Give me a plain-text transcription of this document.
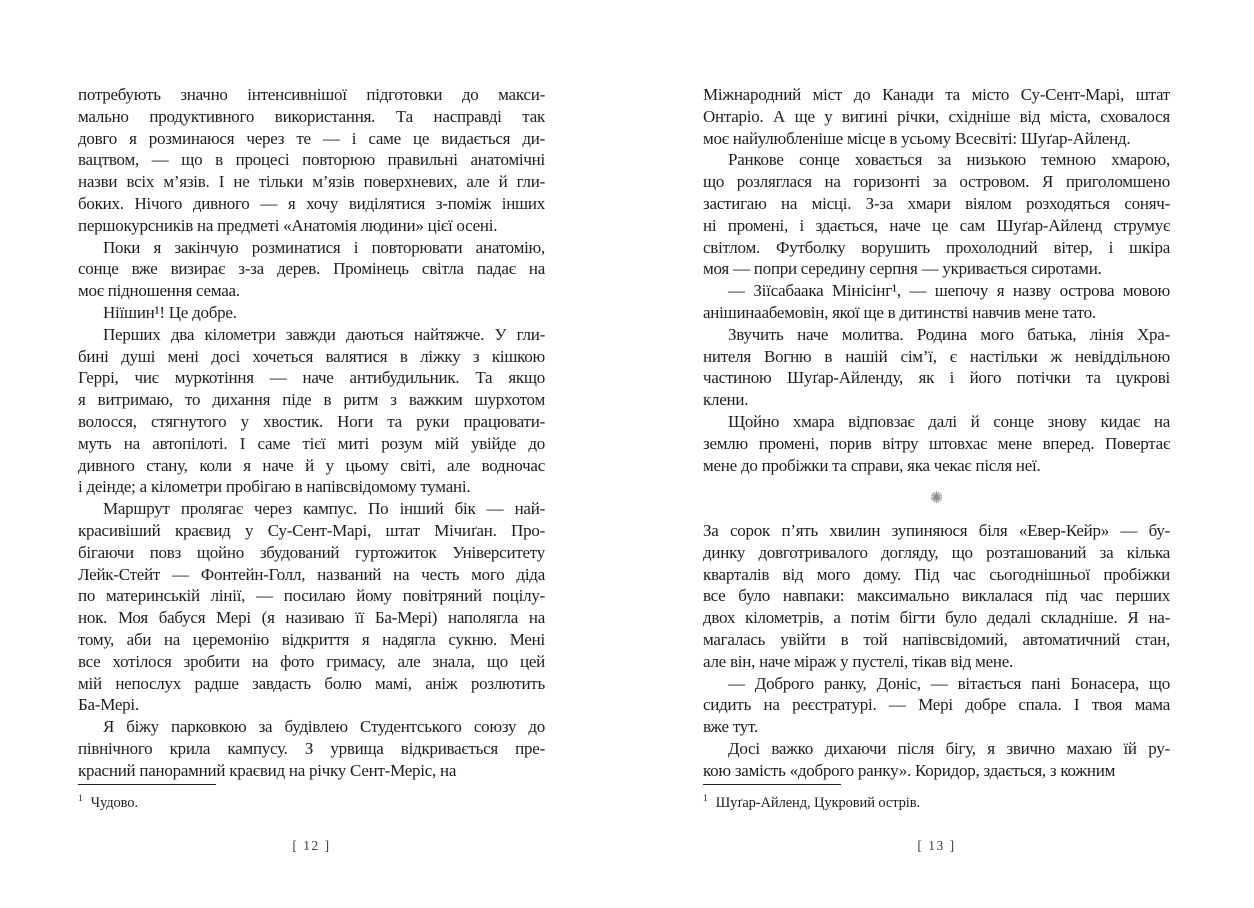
потребують значно інтенсивнішої підготовки до макси-
мально продуктивного використання. Та насправді так
довго я розминаюся через те — і саме це видається ди-
вацтвом, — що в процесі повторюю правильні анатомічні
назви всіх м’язів. І не тільки м’язів поверхневих, але й гли-
боких. Нічого дивного — я хочу виділятися з-поміж інших
першокурсників на предметі «Анатомія людини» цієї осені.
Поки я закінчую розминатися і повторювати анатомію,
сонце вже визирає з-за дерев. Промінець світла падає на
моє підношення семаа.
Ніїшин¹! Це добре.
Перших два кілометри завжди даються найтяжче. У гли-
бині душі мені досі хочеться валятися в ліжку з кішкою
Геррі, чиє муркотіння — наче антибудильник. Та якщо
я витримаю, то дихання піде в ритм з важким шурхотом
волосся, стягнутого у хвостик. Ноги та руки працювати-
муть на автопілоті. І саме тієї миті розум мій увійде до
дивного стану, коли я наче й у цьому світі, але водночас
і деінде; а кілометри пробігаю в напівсвідомому тумані.
Маршрут пролягає через кампус. По інший бік — най-
красивіший краєвид у Су-Сент-Марі, штат Мічиґан. Про-
бігаючи повз щойно збудований гуртожиток Університету
Лейк-Стейт — Фонтейн-Голл, названий на честь мого діда
по материнській лінії, — посилаю йому повітряний поцілу-
нок. Моя бабуся Мері (я називаю її Ба-Мері) наполягла на
тому, аби на церемонію відкриття я надягла сукню. Мені
все хотілося зробити на фото гримасу, але знала, що цей
мій непослух радше завдасть болю мамі, аніж розлютить
Ба-Мері.
Я біжу парковкою за будівлею Студентського союзу до
північного крила кампусу. З урвища відкривається пре-
красний панорамний краєвид на річку Сент-Меріс, на
$^1$ Чудово.
[ 12 ]
Міжнародний міст до Канади та місто Су-Сент-Марі, штат
Онтаріо. А ще у вигині річки, східніше від міста, сховалося
моє найулюбленіше місце в усьому Всесвіті: Шуґар-Айленд.
Ранкове сонце ховається за низькою темною хмарою,
що розляглася на горизонті за островом. Я приголомшено
застигаю на місці. З-за хмари віялом розходяться соняч-
ні промені, і здається, наче це сам Шуґар-Айленд струмує
світлом. Футболку ворушить прохолодний вітер, і шкіра
моя — попри середину серпня — укривається сиротами.
— Зіїсабаака Мінісінг¹, — шепочу я назву острова мовою
анішинаабемовін, якої ще в дитинстві навчив мене тато.
Звучить наче молитва. Родина мого батька, лінія Хра-
нителя Вогню в нашій сім’ї, є настільки ж невіддільною
частиною Шуґар-Айленду, як і його потічки та цукрові
клени.
Щойно хмара відповзає далі й сонце знову кидає на
землю промені, порив вітру штовхає мене вперед. Повертає
мене до пробіжки та справи, яка чекає після неї.
✺
За сорок п’ять хвилин зупиняюся біля «Евер-Кейр» — бу-
динку довготривалого догляду, що розташований за кілька
кварталів від мого дому. Під час сьогоднішньої пробіжки
все було навпаки: максимально виклалася під час перших
двох кілометрів, а потім бігти було дедалі складніше. Я на-
магалась увійти в той напівсвідомий, автоматичний стан,
але він, наче міраж у пустелі, тікав від мене.
— Доброго ранку, Доніс, — вітається пані Бонасера, що
сидить на реєстратурі. — Мері добре спала. І твоя мама
вже тут.
Досі важко дихаючи після бігу, я звично махаю їй ру-
кою замість «доброго ранку». Коридор, здається, з кожним
$^1$ Шуґар-Айленд, Цукровий острів.
[ 13 ]
